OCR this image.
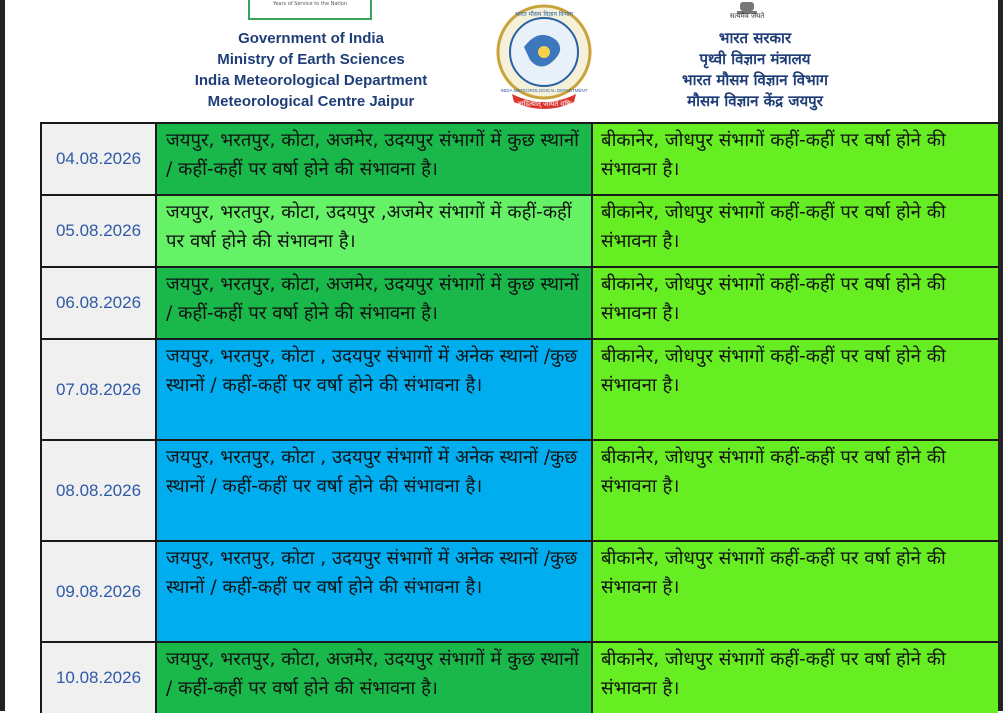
Years of Service to the Nation
Government of India
Ministry of Earth Sciences
India Meteorological Department
Meteorological Centre Jaipur	आदित्यात् जायते वृष्टिः
भारत मौसम विज्ञान विभाग
INDIA METEOROLOGICAL DEPARTMENT
सत्यमेव जयते
भारत सरकार
पृथ्वी विज्ञान मंत्रालय
भारत मौसम विज्ञान विभाग
मौसम विज्ञान केंद्र जयपुर
04.08.2026
जयपुर, भरतपुर, कोटा, अजमेर, उदयपुर संभागों में कुछ स्थानों / कहीं-कहीं पर वर्षा होने की संभावना है।
बीकानेर, जोधपुर संभागों कहीं-कहीं पर वर्षा होने की संभावना है।
05.08.2026
जयपुर, भरतपुर, कोटा, उदयपुर ,अजमेर संभागों में कहीं-कहीं पर वर्षा होने की संभावना है।
बीकानेर, जोधपुर संभागों कहीं-कहीं पर वर्षा होने की संभावना है।
06.08.2026
जयपुर, भरतपुर, कोटा, अजमेर, उदयपुर संभागों में कुछ स्थानों / कहीं-कहीं पर वर्षा होने की संभावना है।
बीकानेर, जोधपुर संभागों कहीं-कहीं पर वर्षा होने की संभावना है।
07.08.2026
जयपुर, भरतपुर, कोटा , उदयपुर संभागों में अनेक स्थानों /कुछ स्थानों / कहीं-कहीं पर वर्षा होने की संभावना है।
बीकानेर, जोधपुर संभागों कहीं-कहीं पर वर्षा होने की संभावना है।
08.08.2026
जयपुर, भरतपुर, कोटा , उदयपुर संभागों में अनेक स्थानों /कुछ स्थानों / कहीं-कहीं पर वर्षा होने की संभावना है।
बीकानेर, जोधपुर संभागों कहीं-कहीं पर वर्षा होने की संभावना है।
09.08.2026
जयपुर, भरतपुर, कोटा , उदयपुर संभागों में अनेक स्थानों /कुछ स्थानों / कहीं-कहीं पर वर्षा होने की संभावना है।
बीकानेर, जोधपुर संभागों कहीं-कहीं पर वर्षा होने की संभावना है।
10.08.2026
जयपुर, भरतपुर, कोटा, अजमेर, उदयपुर संभागों में कुछ स्थानों / कहीं-कहीं पर वर्षा होने की संभावना है।
बीकानेर, जोधपुर संभागों कहीं-कहीं पर वर्षा होने की संभावना है।
